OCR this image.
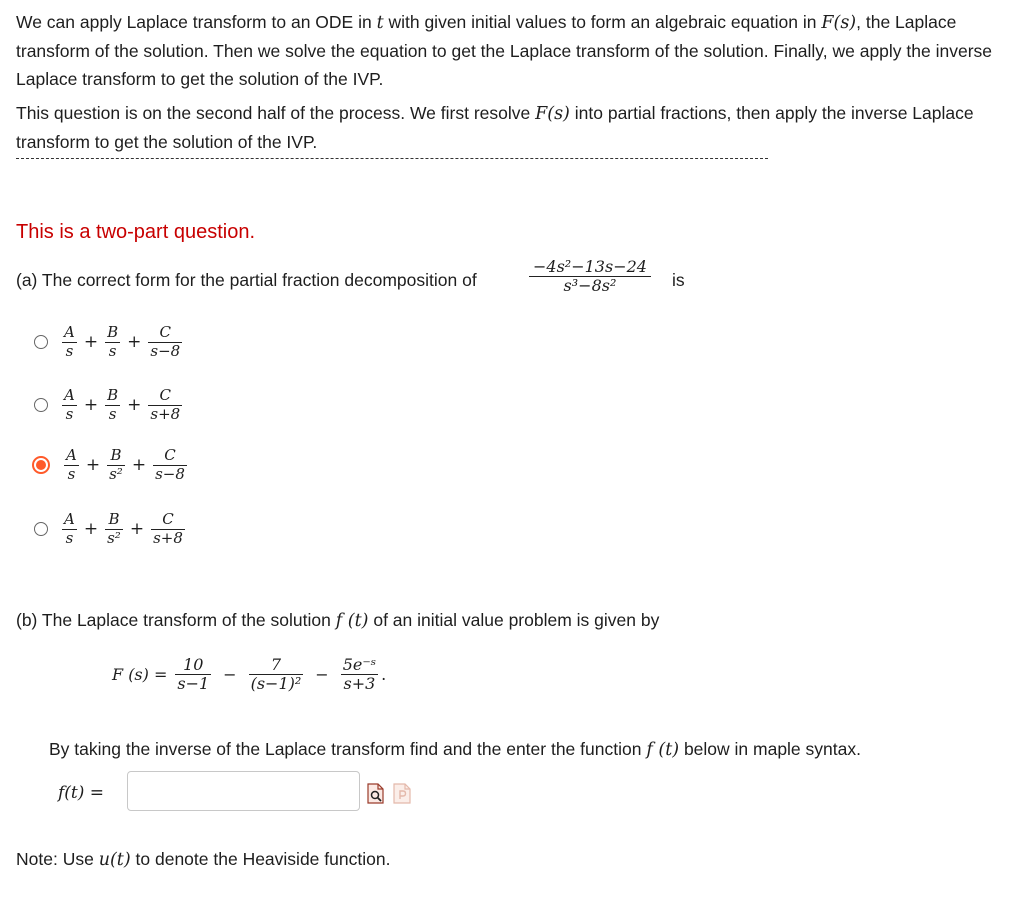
We can apply Laplace transform to an ODE in t with given initial values to form an algebraic equation in F(s), the Laplace transform of the solution. Then we solve the equation to get the Laplace transform of the solution. Finally, we apply the inverse Laplace transform to get the solution of the IVP.

This question is on the second half of the process. We first resolve F(s) into partial fractions, then apply the inverse Laplace transform to get the solution of the IVP.

This is a two-part question.
(a) The correct form for the partial fraction decomposition of	$\frac{\text{−4s²−13s−24}}{\text{s³−8s²}}$ is
$\frac{A}{s} + \frac{B}{s} + \frac{C}{s-8}$
$\frac{A}{s} + \frac{B}{s} + \frac{C}{s+8}$
$\frac{A}{s} + \frac{B}{\text{s²}} + \frac{C}{s-8}$
$\frac{A}{s} + \frac{B}{\text{s²}} + \frac{C}{s+8}$
(b) The Laplace transform of the solution f (t) of an initial value problem is given by
F $(s) = \frac{10}{s-1} - \frac{7}{\text{(s−1)²}} - \frac{\text{5e⁻ˢ}}{s+3}$ .
By taking the inverse of the Laplace transform find and the enter the function f (t) below in maple syntax.
f(t) =
Note: Use u(t) to denote the Heaviside function.
